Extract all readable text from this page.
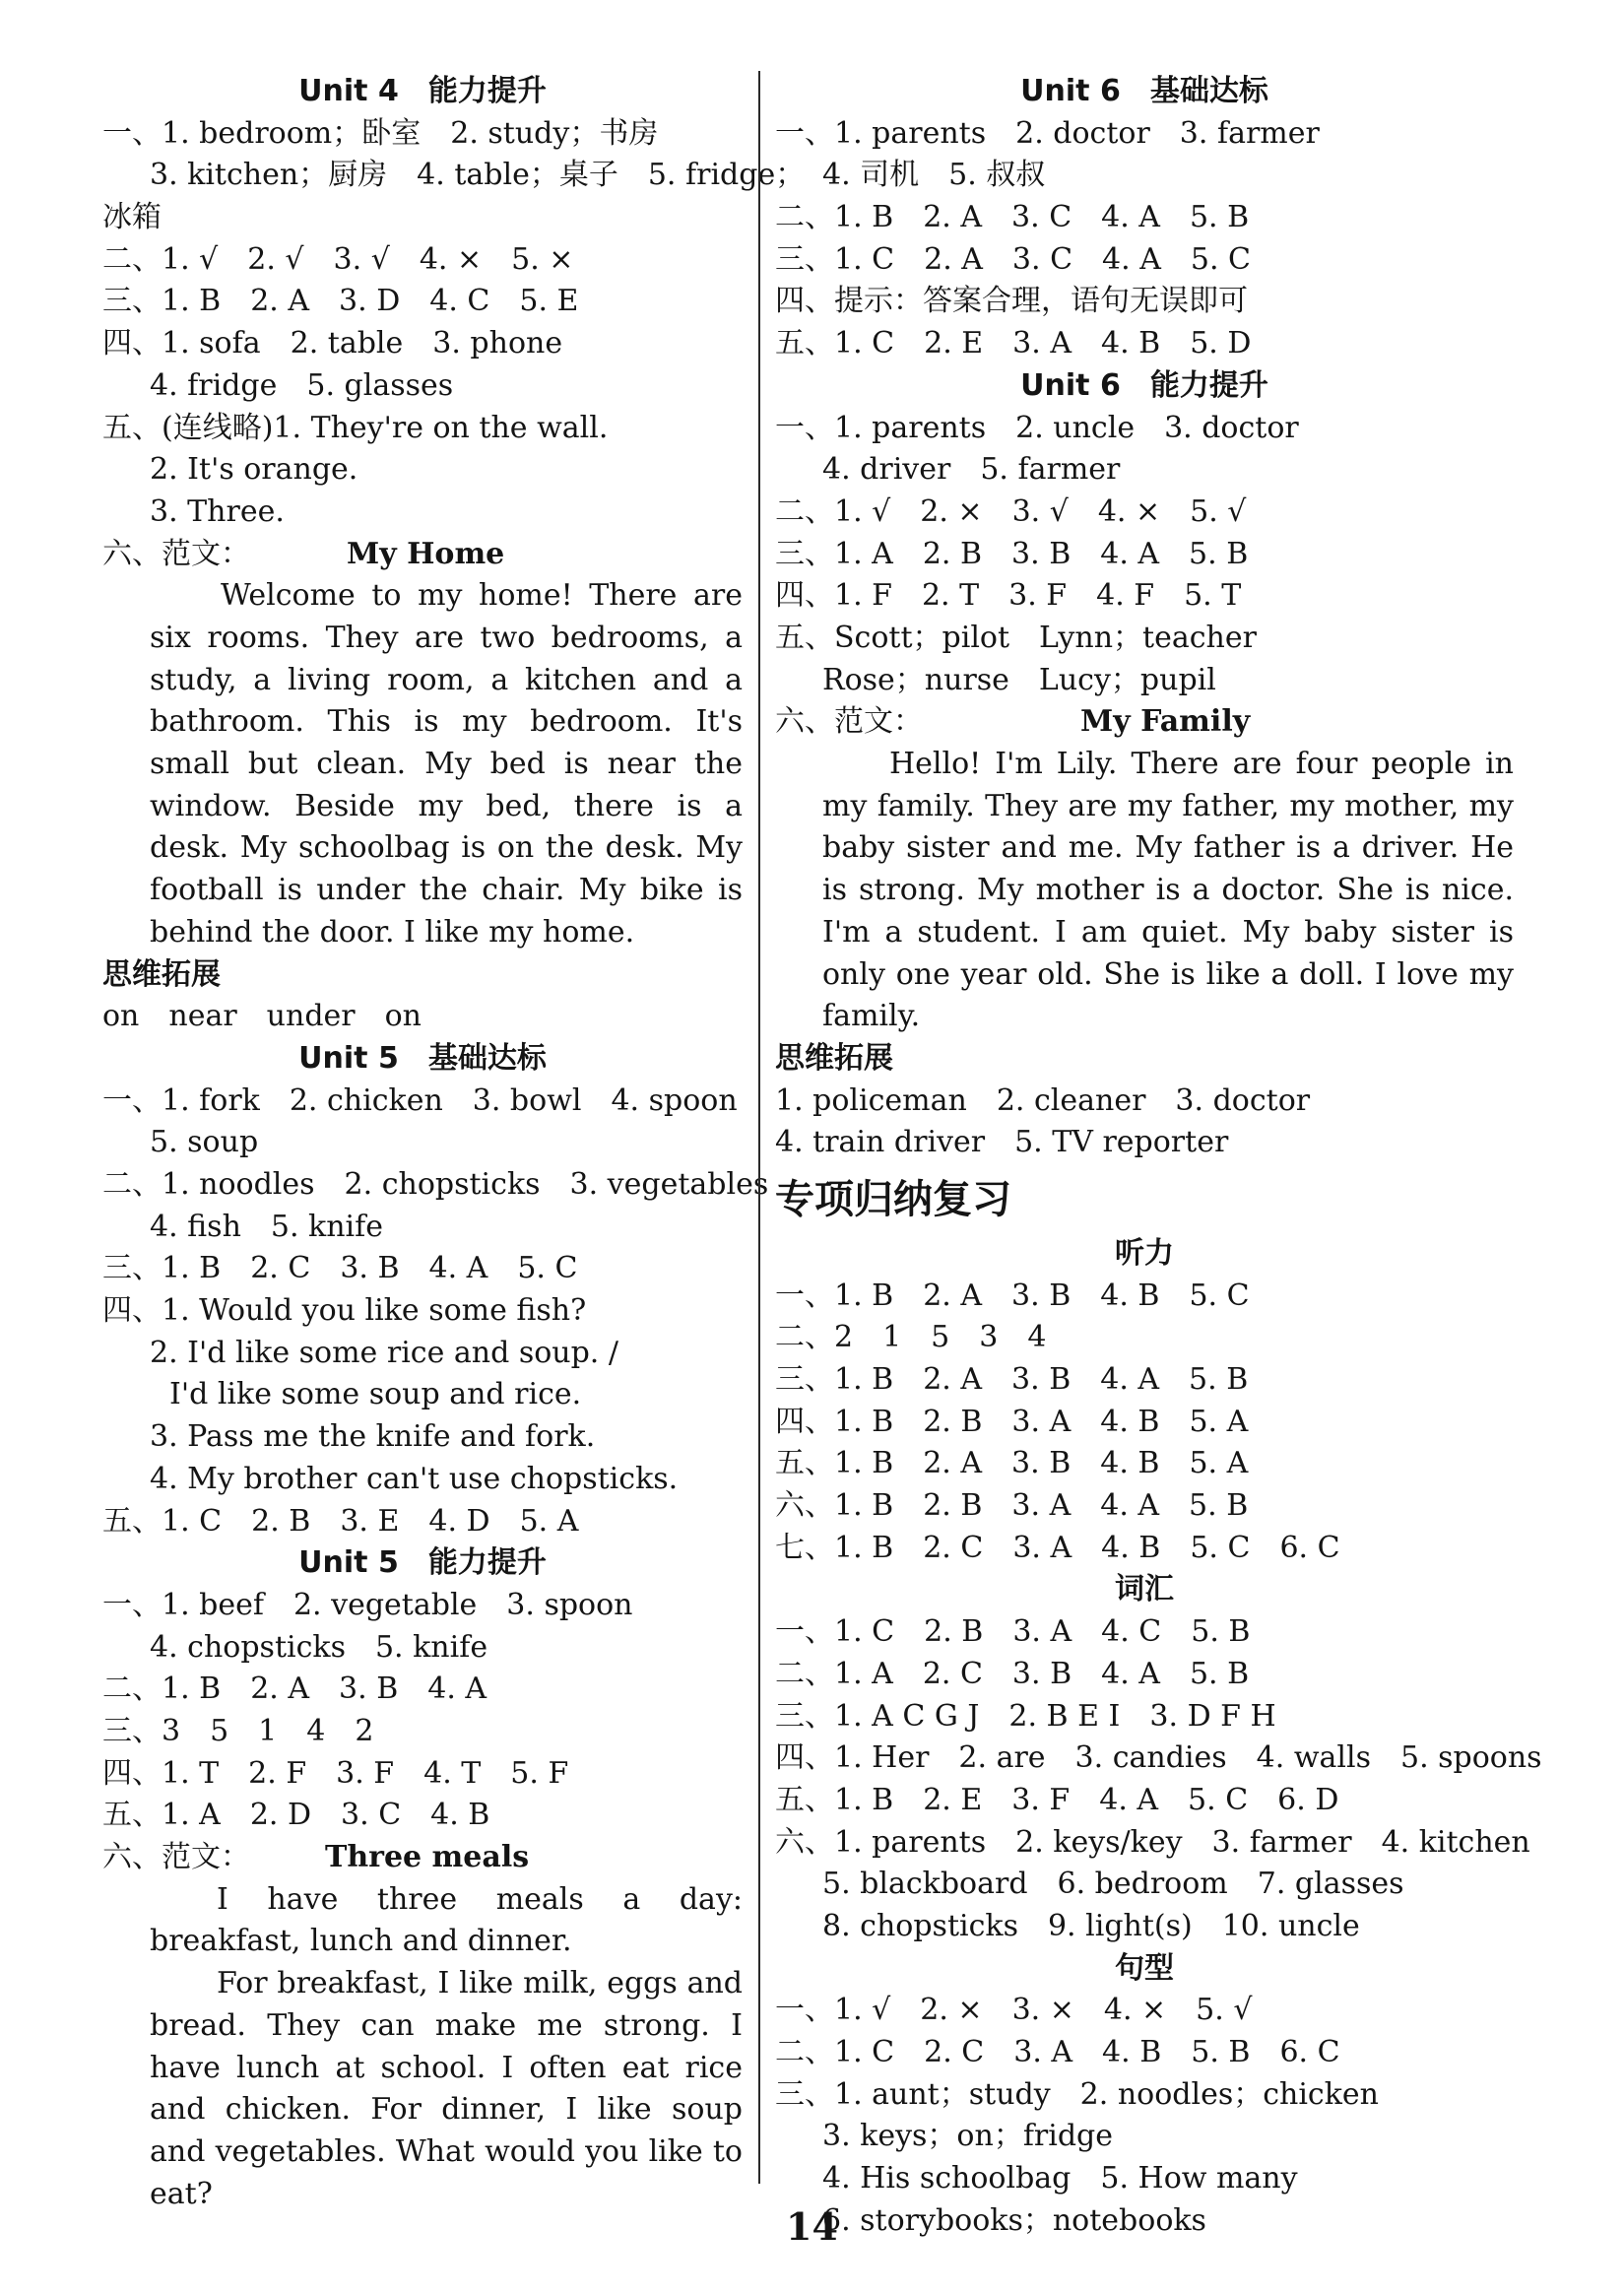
Unit 4　能力提升
一、1. bedroom；卧室　2. study；书房
3. kitchen；厨房　4. table；桌子　5. fridge；
冰箱
二、1. √　2. √　3. √　4. ×　5. ×
三、1. B　2. A　3. D　4. C　5. E
四、1. sofa　2. table　3. phone
4. fridge　5. glasses
五、(连线略)1. They're on the wall.
2. It's orange.
3. Three.
六、范文：	My Home
Welcome to my home! There are six rooms. They are two bedrooms, a study, a living room, a kitchen and a bathroom. This is my bedroom. It's small but clean. My bed is near the window. Beside my bed, there is a desk. My schoolbag is on the desk. My football is under the chair. My bike is behind the door. I like my home.
思维拓展
on　near　under　on
Unit 5　基础达标
一、1. fork　2. chicken　3. bowl　4. spoon
5. soup
二、1. noodles　2. chopsticks　3. vegetables
4. fish　5. knife
三、1. B　2. C　3. B　4. A　5. C
四、1. Would you like some fish?
2. I'd like some rice and soup. /
I'd like some soup and rice.
3. Pass me the knife and fork.
4. My brother can't use chopsticks.
五、1. C　2. B　3. E　4. D　5. A
Unit 5　能力提升
一、1. beef　2. vegetable　3. spoon
4. chopsticks　5. knife
二、1. B　2. A　3. B　4. A
三、3　5　1　4　2
四、1. T　2. F　3. F　4. T　5. F
五、1. A　2. D　3. C　4. B
六、范文：	Three meals
I have three meals a day: breakfast, lunch and dinner.
For breakfast, I like milk, eggs and bread. They can make me strong. I have lunch at school. I often eat rice and chicken. For dinner, I like soup and vegetables. What would you like to eat?
Unit 6　基础达标
一、1. parents　2. doctor　3. farmer
4. 司机　5. 叔叔
二、1. B　2. A　3. C　4. A　5. B
三、1. C　2. A　3. C　4. A　5. C
四、提示：答案合理，语句无误即可
五、1. C　2. E　3. A　4. B　5. D
Unit 6　能力提升
一、1. parents　2. uncle　3. doctor
4. driver　5. farmer
二、1. √　2. ×　3. √　4. ×　5. √
三、1. A　2. B　3. B　4. A　5. B
四、1. F　2. T　3. F　4. F　5. T
五、Scott；pilot　Lynn；teacher
Rose；nurse　Lucy；pupil
六、范文：	My Family
Hello! I'm Lily. There are four people in my family. They are my father, my mother, my baby sister and me. My father is a driver. He is strong. My mother is a doctor. She is nice. I'm a student. I am quiet. My baby sister is only one year old. She is like a doll. I love my family.
思维拓展
1. policeman　2. cleaner　3. doctor
4. train driver　5. TV reporter
专项归纳复习
听力
一、1. B　2. A　3. B　4. B　5. C
二、2　1　5　3　4
三、1. B　2. A　3. B　4. A　5. B
四、1. B　2. B　3. A　4. B　5. A
五、1. B　2. A　3. B　4. B　5. A
六、1. B　2. B　3. A　4. A　5. B
七、1. B　2. C　3. A　4. B　5. C　6. C
词汇
一、1. C　2. B　3. A　4. C　5. B
二、1. A　2. C　3. B　4. A　5. B
三、1. A C G J　2. B E I　3. D F H
四、1. Her　2. are　3. candies　4. walls　5. spoons
五、1. B　2. E　3. F　4. A　5. C　6. D
六、1. parents　2. keys/key　3. farmer　4. kitchen
5. blackboard　6. bedroom　7. glasses
8. chopsticks　9. light(s)　10. uncle
句型
一、1. √　2. ×　3. ×　4. ×　5. √
二、1. C　2. C　3. A　4. B　5. B　6. C
三、1. aunt；study　2. noodles；chicken
3. keys；on；fridge
4. His schoolbag　5. How many
6. storybooks；notebooks
14
